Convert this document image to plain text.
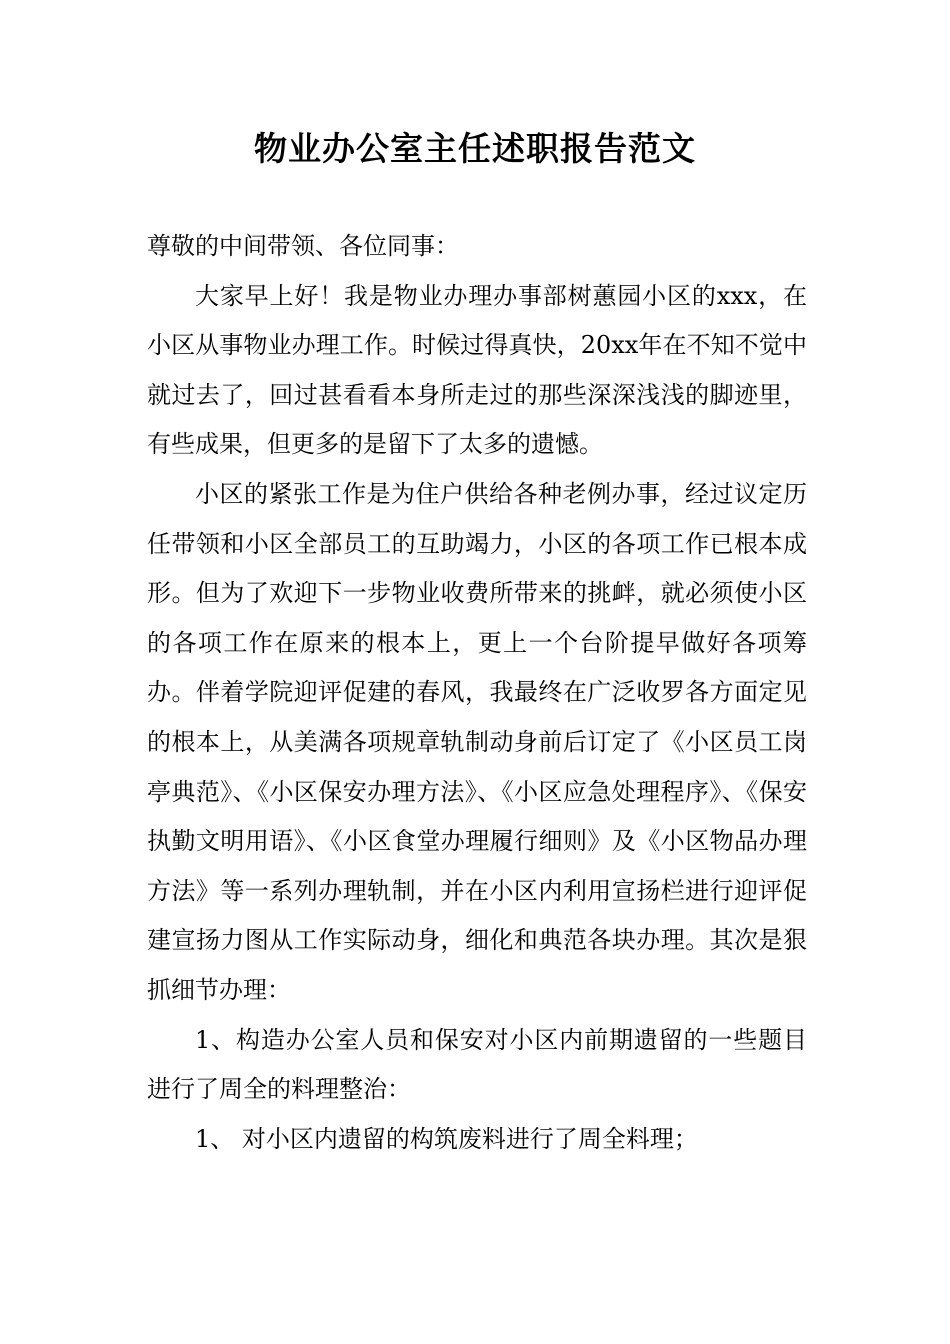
物业办公室主任述职报告范文

尊敬的中间带领、各位同事：

大家早上好！我是物业办理办事部树蕙园小区的xxx，在小区从事物业办理工作。时候过得真快，20xx年在不知不觉中就过去了，回过甚看看本身所走过的那些深深浅浅的脚迹里，有些成果，但更多的是留下了太多的遗憾。

小区的紧张工作是为住户供给各种老例办事，经过议定历任带领和小区全部员工的互助竭力，小区的各项工作已根本成形。但为了欢迎下一步物业收费所带来的挑衅，就必须使小区的各项工作在原来的根本上，更上一个台阶提早做好各项筹办。伴着学院迎评促建的春风，我最终在广泛收罗各方面定见的根本上，从美满各项规章轨制动身前后订定了《小区员工岗亭典范》、《小区保安办理方法》、《小区应急处理程序》、《保安执勤文明用语》、《小区食堂办理履行细则》及《小区物品办理方法》等一系列办理轨制，并在小区内利用宣扬栏进行迎评促建宣扬力图从工作实际动身，细化和典范各块办理。其次是狠抓细节办理：

1、构造办公室人员和保安对小区内前期遗留的一些题目进行了周全的料理整治：

1、 对小区内遗留的构筑废料进行了周全料理；
